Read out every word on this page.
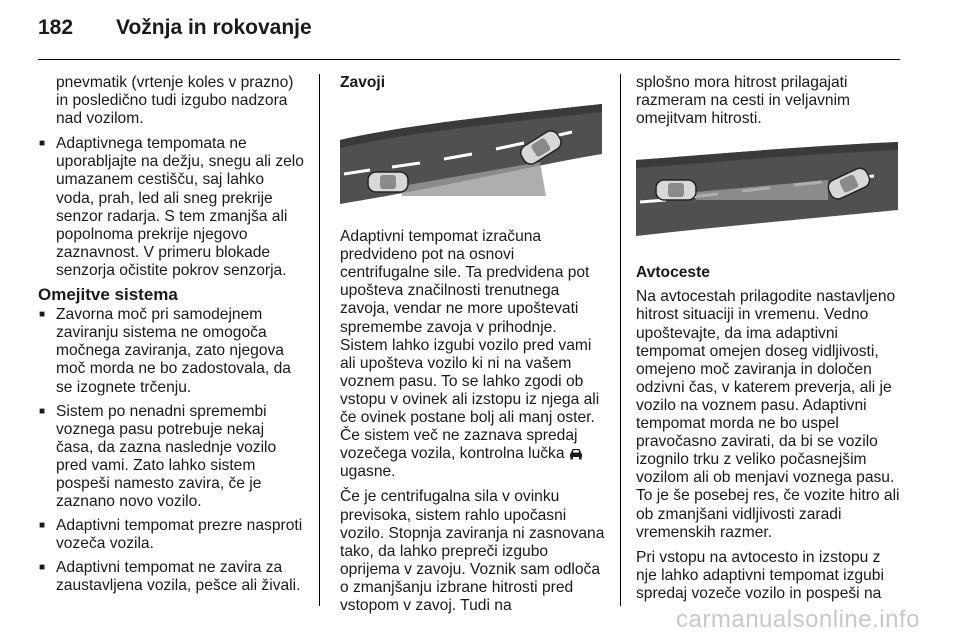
182	Vožnja in rokovanje

pnevmatik (vrtenje koles v prazno) in posledično tudi izgubo nadzora nad vozilom.

■ Adaptivnega tempomata ne uporabljajte na dežju, snegu ali zelo umazanem cestišču, saj lahko voda, prah, led ali sneg prekrije senzor radarja. S tem zmanjša ali popolnoma prekrije njegovo zaznavnost. V primeru blokade senzorja očistite pokrov senzorja.
Omejitve sistema
■ Zavorna moč pri samodejnem zaviranju sistema ne omogoča močnega zaviranja, zato njegova moč morda ne bo zadostovala, da se izognete trčenju.
■ Sistem po nenadni spremembi voznega pasu potrebuje nekaj časa, da zazna naslednje vozilo pred vami. Zato lahko sistem pospeši namesto zavira, če je zaznano novo vozilo.
■ Adaptivni tempomat prezre nasproti vozeča vozila.
■ Adaptivni tempomat ne zavira za zaustavljena vozila, pešce ali živali.
Zavoji

Adaptivni tempomat izračuna predvideno pot na osnovi centrifugalne sile. Ta predvidena pot upošteva značilnosti trenutnega zavoja, vendar ne more upoštevati spremembe zavoja v prihodnje. Sistem lahko izgubi vozilo pred vami ali upošteva vozilo ki ni na vašem voznem pasu. To se lahko zgodi ob vstopu v ovinek ali izstopu iz njega ali če ovinek postane bolj ali manj oster. Če sistem več ne zaznava spredaj vozečega vozila, kontrolna lučka  ugasne.

Če je centrifugalna sila v ovinku previsoka, sistem rahlo upočasni vozilo. Stopnja zaviranja ni zasnovana tako, da lahko prepreči izgubo oprijema v zavoju. Voznik sam odloča o zmanjšanju izbrane hitrosti pred vstopom v zavoj. Tudi na

splošno mora hitrost prilagajati razmeram na cesti in veljavnim omejitvam hitrosti.

Avtoceste

Na avtocestah prilagodite nastavljeno hitrost situaciji in vremenu. Vedno upoštevajte, da ima adaptivni tempomat omejen doseg vidljivosti, omejeno moč zaviranja in določen odzivni čas, v katerem preverja, ali je vozilo na voznem pasu. Adaptivni tempomat morda ne bo uspel pravočasno zavirati, da bi se vozilo izognilo trku z veliko počasnejšim vozilom ali ob menjavi voznega pasu. To je še posebej res, če vozite hitro ali ob zmanjšani vidljivosti zaradi vremenskih razmer.

Pri vstopu na avtocesto in izstopu z nje lahko adaptivni tempomat izgubi spredaj vozeče vozilo in pospeši na

carmanualsonline.info
